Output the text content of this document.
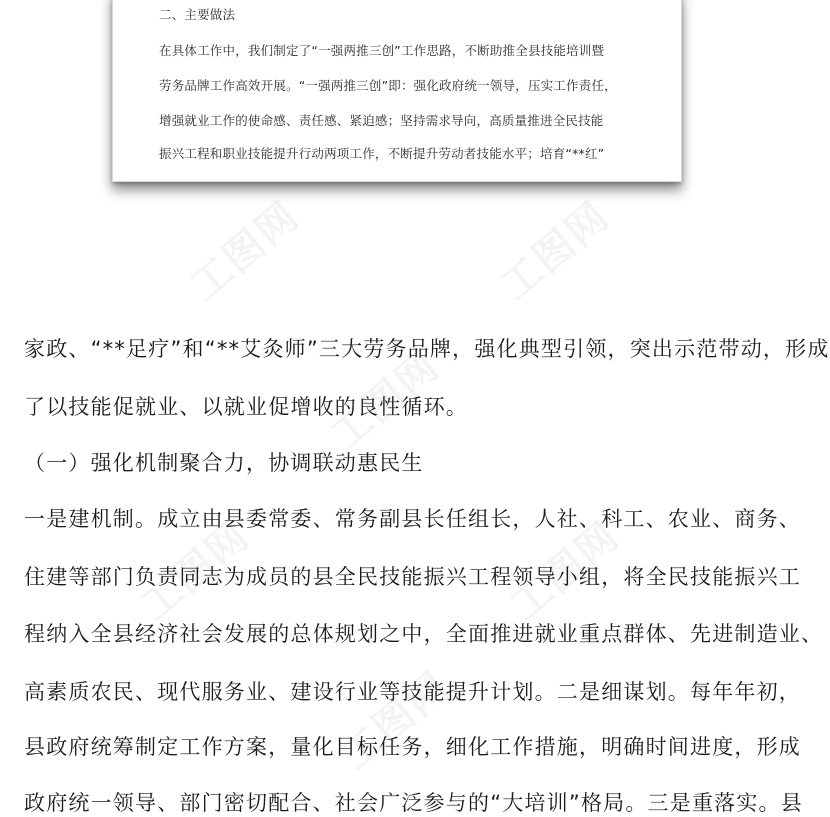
二、主要做法
在具体工作中，我们制定了“一强两推三创”工作思路，不断助推全县技能培训暨
劳务品牌工作高效开展。“一强两推三创”即：强化政府统一领导，压实工作责任，
增强就业工作的使命感、责任感、紧迫感；坚持需求导向，高质量推进全民技能
振兴工程和职业技能提升行动两项工作，不断提升劳动者技能水平；培育“**红”
工图网	工图网
工图网
工图网	工图网
工图网
家政、“**足疗”和“**艾灸师”三大劳务品牌，强化典型引领，突出示范带动，形成
了以技能促就业、以就业促增收的良性循环。
（一）强化机制聚合力，协调联动惠民生
一是建机制。成立由县委常委、常务副县长任组长，人社、科工、农业、商务、
住建等部门负责同志为成员的县全民技能振兴工程领导小组，将全民技能振兴工
程纳入全县经济社会发展的总体规划之中，全面推进就业重点群体、先进制造业、
高素质农民、现代服务业、建设行业等技能提升计划。二是细谋划。每年年初，
县政府统筹制定工作方案，量化目标任务，细化工作措施，明确时间进度，形成
政府统一领导、部门密切配合、社会广泛参与的“大培训”格局。三是重落实。县
